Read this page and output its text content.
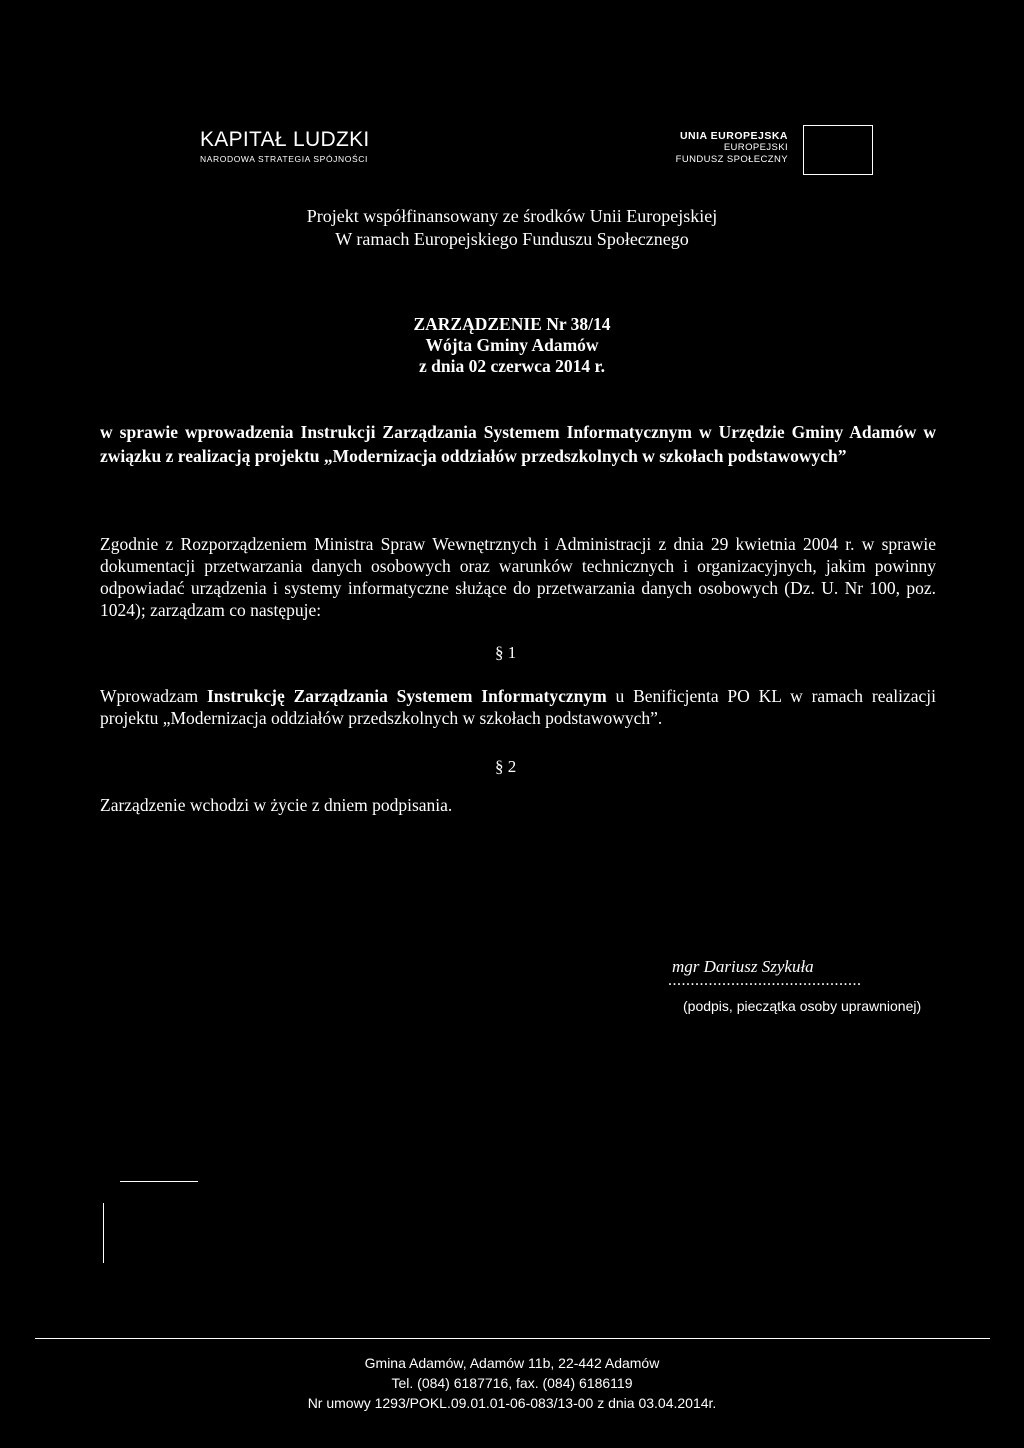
KAPITAŁ LUDZKI
NARODOWA STRATEGIA SPÓJNOŚCI
UNIA EUROPEJSKA
EUROPEJSKI
FUNDUSZ SPOŁECZNY
Projekt współfinansowany ze środków Unii Europejskiej
W ramach Europejskiego Funduszu Społecznego
ZARZĄDZENIE Nr 38/14
Wójta Gminy Adamów
z dnia 02 czerwca 2014 r.
w sprawie wprowadzenia Instrukcji Zarządzania Systemem Informatycznym w Urzędzie Gminy Adamów w związku z realizacją projektu „Modernizacja oddziałów przedszkolnych w szkołach podstawowych”
Zgodnie z Rozporządzeniem Ministra Spraw Wewnętrznych i Administracji z dnia 29 kwietnia 2004 r. w sprawie dokumentacji przetwarzania danych osobowych oraz warunków technicznych i organizacyjnych, jakim powinny odpowiadać urządzenia i systemy informatyczne służące do przetwarzania danych osobowych (Dz. U. Nr 100, poz. 1024); zarządzam co następuje:
§ 1
Wprowadzam Instrukcję Zarządzania Systemem Informatycznym u Benificjenta PO KL w ramach realizacji projektu „Modernizacja oddziałów przedszkolnych w szkołach podstawowych”.
§ 2
Zarządzenie wchodzi w życie z dniem podpisania.
mgr Dariusz Szykuła
...........................................
(podpis, pieczątka osoby uprawnionej)
Gmina Adamów, Adamów 11b, 22-442 Adamów
Tel. (084) 6187716, fax. (084) 6186119
Nr umowy 1293/POKL.09.01.01-06-083/13-00 z dnia 03.04.2014r.
